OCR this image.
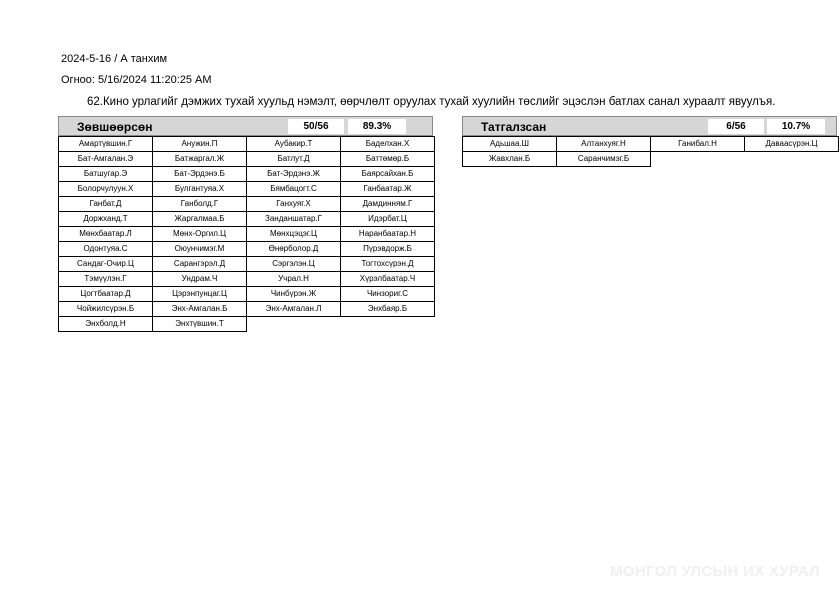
2024-5-16 / А танхим
Огноо: 5/16/2024 11:20:25 AM
62.Кино урлагийг дэмжих тухай хуульд нэмэлт, өөрчлөлт оруулах тухай хуулийн төслийг эцэслэн батлах санал хураалт явуулъя.
Зөвшөөрсөн	50/56	89.3%
Амартүвшин.Г	Анужин.П	Аубакир.Т	Баделхан.Х
Бат-Амгалан.Э	Батжаргал.Ж	Батлут.Д	Баттөмөр.Б
Батшугар.Э	Бат-Эрдэнэ.Б	Бат-Эрдэнэ.Ж	Баярсайхан.Б
Болорчулуун.Х	Булгантуяа.Х	Бямбацогт.С	Ганбаатар.Ж
Ганбат.Д	Ганболд.Г	Ганхуяг.Х	Дамдинням.Г
Доржханд.Т	Жаргалмаа.Б	Занданшатар.Г	Идэрбат.Ц
Мөнхбаатар.Л	Мөнх-Оргил.Ц	Мөнхцэцэг.Ц	Наранбаатар.Н
Одонтуяа.С	Оюунчимэг.М	Өнөрболор.Д	Пүрэвдорж.Б
Сандаг-Очир.Ц	Сарангэрэл.Д	Сэргэлэн.Ц	Тогтохсүрэн.Д
Тэмүүлэн.Г	Ундрам.Ч	Учрал.Н	Хүрэлбаатар.Ч
Цогтбаатар.Д	Цэрэнпунцаг.Ц	Чинбүрэн.Ж	Чинзориг.С
Чойжилсүрэн.Б	Энх-Амгалан.Б	Энх-Амгалан.Л	Энхбаяр.Б
Энхболд.Н	Энхтүвшин.Т
Татгалзсан	6/56	10.7%
Адьшаа.Ш	Алтанхуяг.Н	Ганибал.Н	Даваасүрэн.Ц
Жавхлан.Б	Саранчимэг.Б
МОНГОЛ УЛСЫН ИХ ХУРАЛ
